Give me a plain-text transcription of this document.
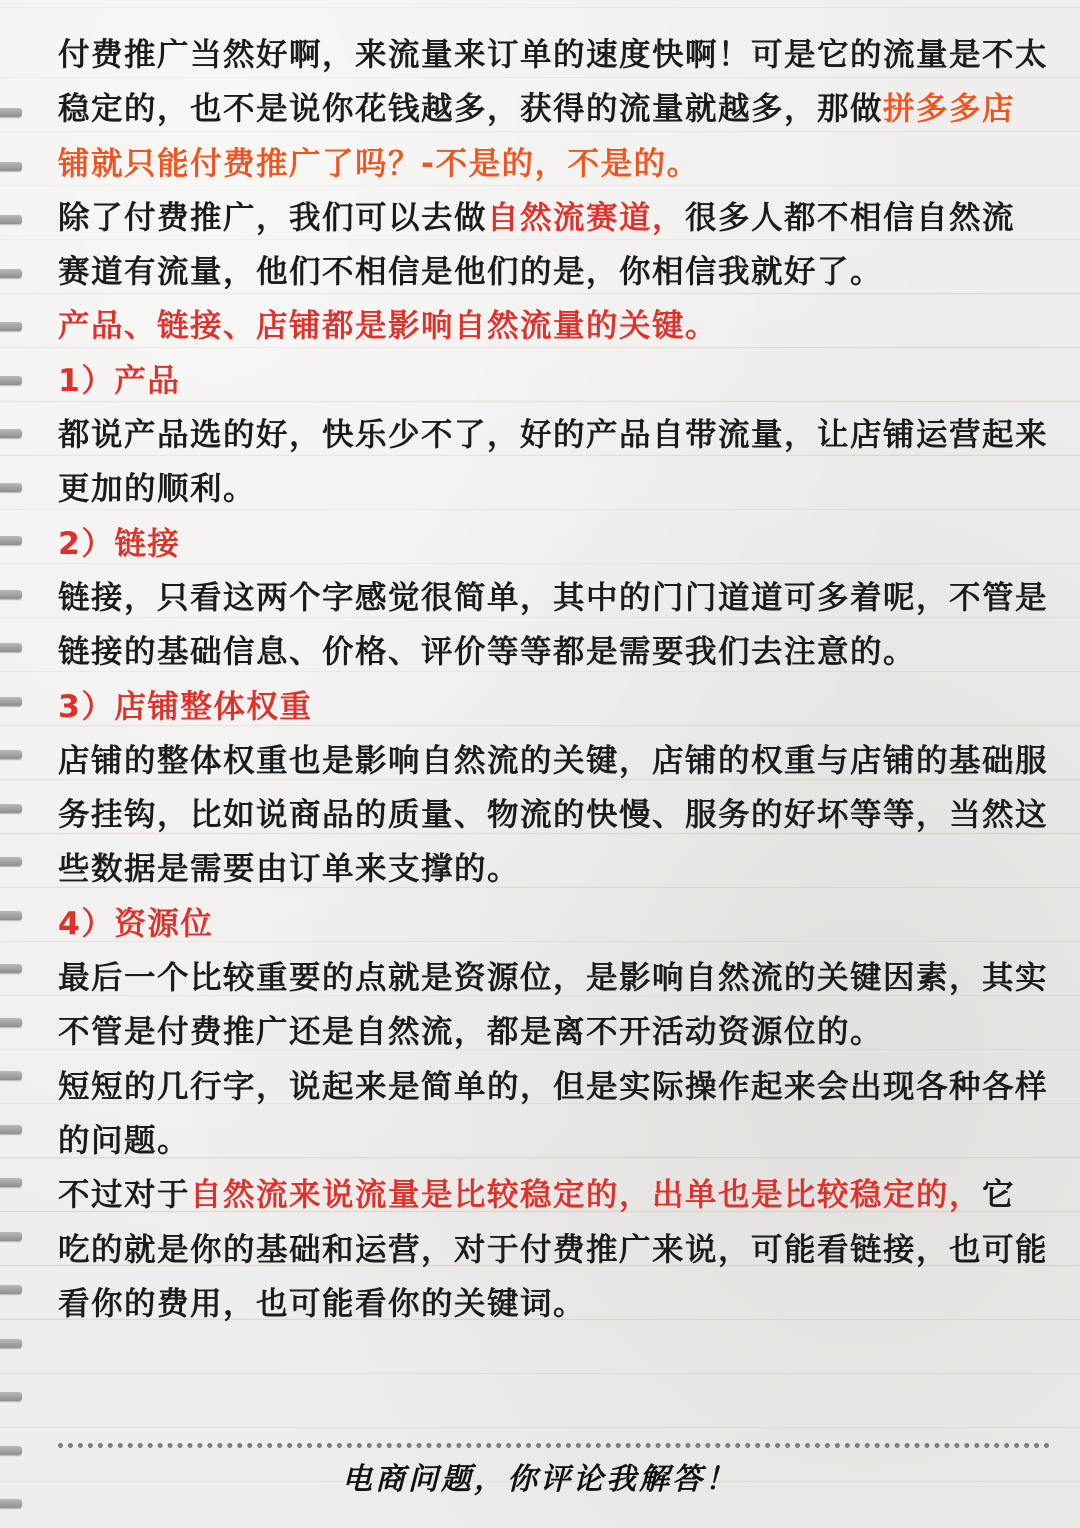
付费推广当然好啊，来流量来订单的速度快啊！可是它的流量是不太稳定的，也不是说你花钱越多，获得的流量就越多，那做拼多多店铺就只能付费推广了吗？-不是的，不是的。

除了付费推广，我们可以去做自然流赛道，很多人都不相信自然流赛道有流量，他们不相信是他们的是，你相信我就好了。

产品、链接、店铺都是影响自然流量的关键。

1）产品

都说产品选的好，快乐少不了，好的产品自带流量，让店铺运营起来更加的顺利。

2）链接

链接，只看这两个字感觉很简单，其中的门门道道可多着呢，不管是链接的基础信息、价格、评价等等都是需要我们去注意的。

3）店铺整体权重

店铺的整体权重也是影响自然流的关键，店铺的权重与店铺的基础服务挂钩，比如说商品的质量、物流的快慢、服务的好坏等等，当然这些数据是需要由订单来支撑的。

4）资源位

最后一个比较重要的点就是资源位，是影响自然流的关键因素，其实不管是付费推广还是自然流，都是离不开活动资源位的。

短短的几行字，说起来是简单的，但是实际操作起来会出现各种各样的问题。

不过对于自然流来说流量是比较稳定的，出单也是比较稳定的，它吃的就是你的基础和运营，对于付费推广来说，可能看链接，也可能看你的费用，也可能看你的关键词。

电商问题，你评论我解答！
